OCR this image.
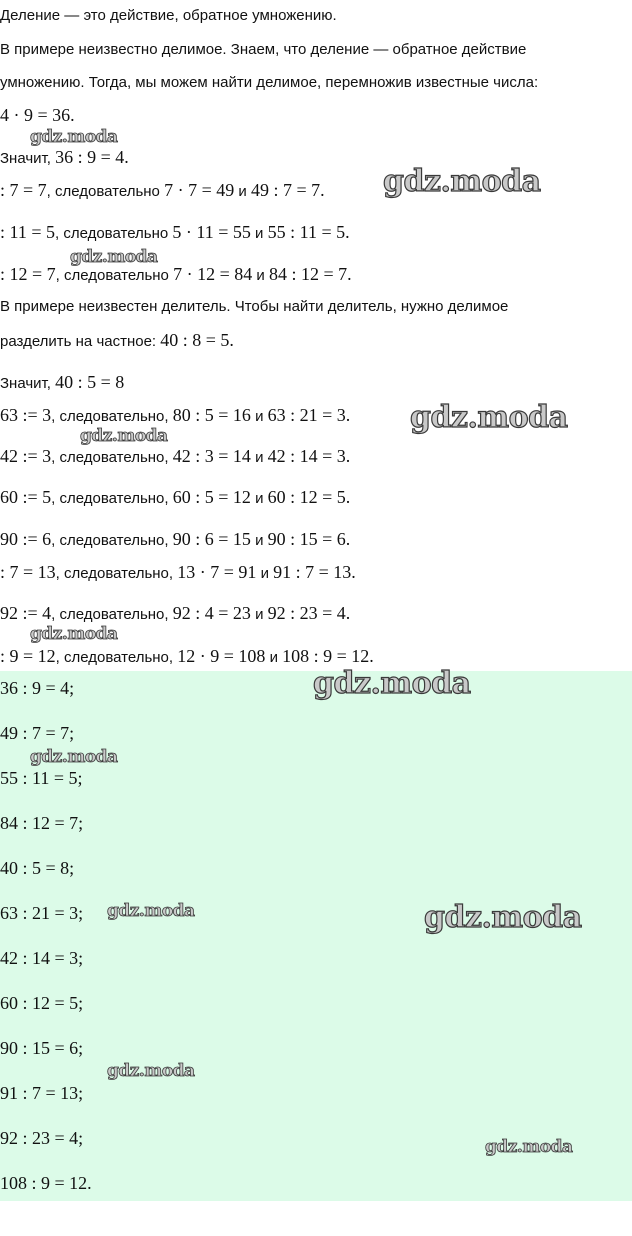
Деление — это действие, обратное умножению.
В примере неизвестно делимое. Знаем, что деление — обратное действие
умножению. Тогда, мы можем найти делимое, перемножив известные числа:
4 · 9 = 36.
Значит, 36 : 9 = 4.
: 7 = 7, следовательно 7 · 7 = 49 и 49 : 7 = 7.
: 11 = 5, следовательно 5 · 11 = 55 и 55 : 11 = 5.
: 12 = 7, следовательно 7 · 12 = 84 и 84 : 12 = 7.
В примере неизвестен делитель. Чтобы найти делитель, нужно делимое
разделить на частное: 40 : 8 = 5.
Значит, 40 : 5 = 8
63 := 3, следовательно, 80 : 5 = 16 и 63 : 21 = 3.
42 := 3, следовательно, 42 : 3 = 14 и 42 : 14 = 3.
60 := 5, следовательно, 60 : 5 = 12 и 60 : 12 = 5.
90 := 6, следовательно, 90 : 6 = 15 и 90 : 15 = 6.
: 7 = 13, следовательно, 13 · 7 = 91 и 91 : 7 = 13.
92 := 4, следовательно, 92 : 4 = 23 и 92 : 23 = 4.
: 9 = 12, следовательно, 12 · 9 = 108 и 108 : 9 = 12.
36 : 9 = 4;
49 : 7 = 7;
55 : 11 = 5;
84 : 12 = 7;
40 : 5 = 8;
63 : 21 = 3;
42 : 14 = 3;
60 : 12 = 5;
90 : 15 = 6;
91 : 7 = 13;
92 : 23 = 4;
108 : 9 = 12.
gdz.moda
gdz.moda
gdz.moda
gdz.moda
gdz.moda
gdz.moda
gdz.moda
gdz.moda
gdz.moda	gdz.moda
gdz.moda
gdz.moda
